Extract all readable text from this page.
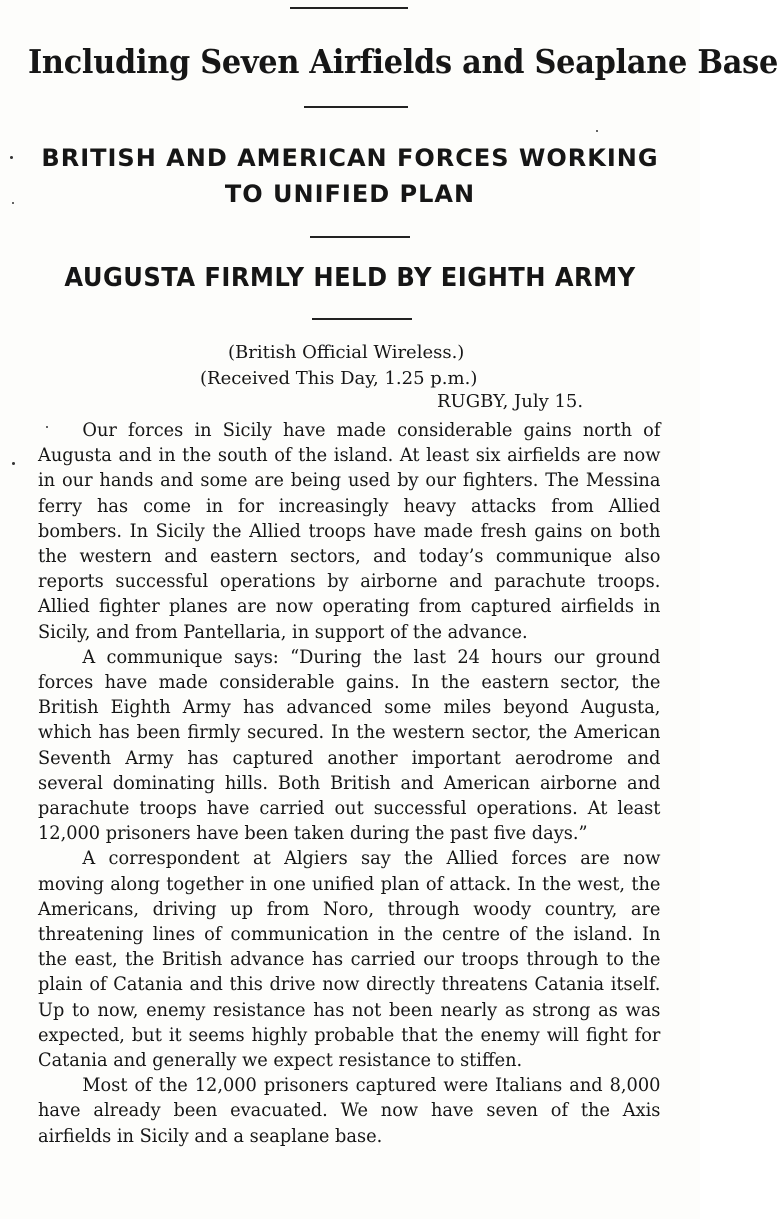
Including Seven Airfields and Seaplane Base
BRITISH AND AMERICAN FORCES WORKING
TO UNIFIED PLAN
AUGUSTA FIRMLY HELD BY EIGHTH ARMY

(British Official Wireless.)

(Received This Day, 1.25 p.m.)

RUGBY, July 15.

Our forces in Sicily have made considerable gains north of Augusta and in the south of the island. At least six airfields are now in our hands and some are being used by our fighters. The Messina ferry has come in for increasingly heavy attacks from Allied bombers. In Sicily the Allied troops have made fresh gains on both the western and eastern sectors, and today’s communique also reports successful operations by airborne and parachute troops. Allied fighter planes are now operating from captured airfields in Sicily, and from Pantellaria, in support of the advance.

A communique says: “During the last 24 hours our ground forces have made considerable gains. In the eastern sector, the British Eighth Army has advanced some miles beyond Augusta, which has been firmly secured. In the western sector, the American Seventh Army has captured another important aerodrome and several dominating hills. Both British and American airborne and parachute troops have carried out successful operations. At least 12,000 prisoners have been taken during the past five days.”

A correspondent at Algiers say the Allied forces are now moving along together in one unified plan of attack. In the west, the Americans, driving up from Noro, through woody country, are threatening lines of communication in the centre of the island. In the east, the British advance has carried our troops through to the plain of Catania and this drive now directly threatens Catania itself. Up to now, enemy resistance has not been nearly as strong as was expected, but it seems highly probable that the enemy will fight for Catania and generally we expect resistance to stiffen.

Most of the 12,000 prisoners captured were Italians and 8,000 have already been evacuated. We now have seven of the Axis airfields in Sicily and a seaplane base.
